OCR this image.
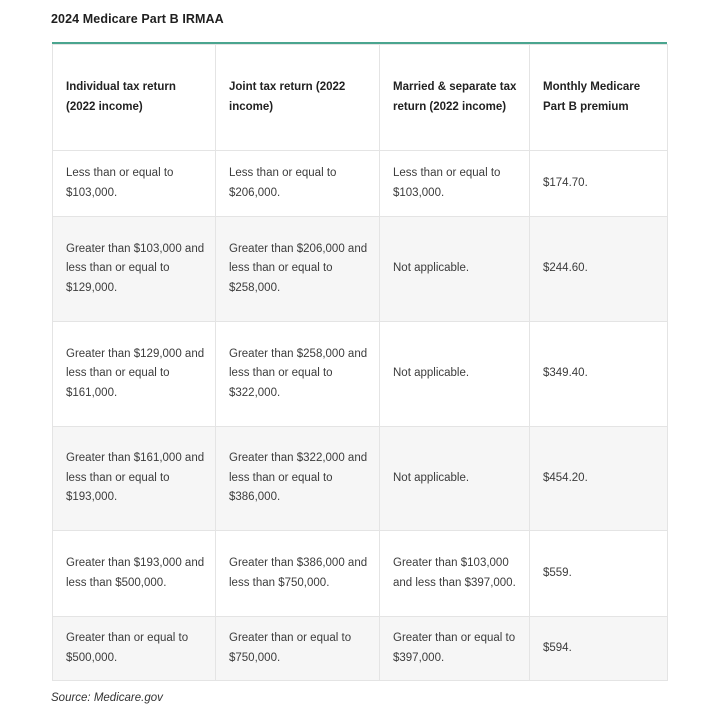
2024 Medicare Part B IRMAA
Individual tax return (2022 income)	Joint tax return (2022 income)	Married & separate tax return (2022 income)	Monthly Medicare Part B premium
Less than or equal to $103,000.	Less than or equal to $206,000.	Less than or equal to $103,000.	$174.70.
Greater than $103,000 and less than or equal to $129,000.	Greater than $206,000 and less than or equal to $258,000.	Not applicable.	$244.60.
Greater than $129,000 and less than or equal to $161,000.	Greater than $258,000 and less than or equal to $322,000.	Not applicable.	$349.40.
Greater than $161,000 and less than or equal to $193,000.	Greater than $322,000 and less than or equal to $386,000.	Not applicable.	$454.20.
Greater than $193,000 and less than $500,000.	Greater than $386,000 and less than $750,000.	Greater than $103,000 and less than $397,000.	$559.
Greater than or equal to $500,000.	Greater than or equal to $750,000.	Greater than or equal to $397,000.	$594.
Source: Medicare.gov
